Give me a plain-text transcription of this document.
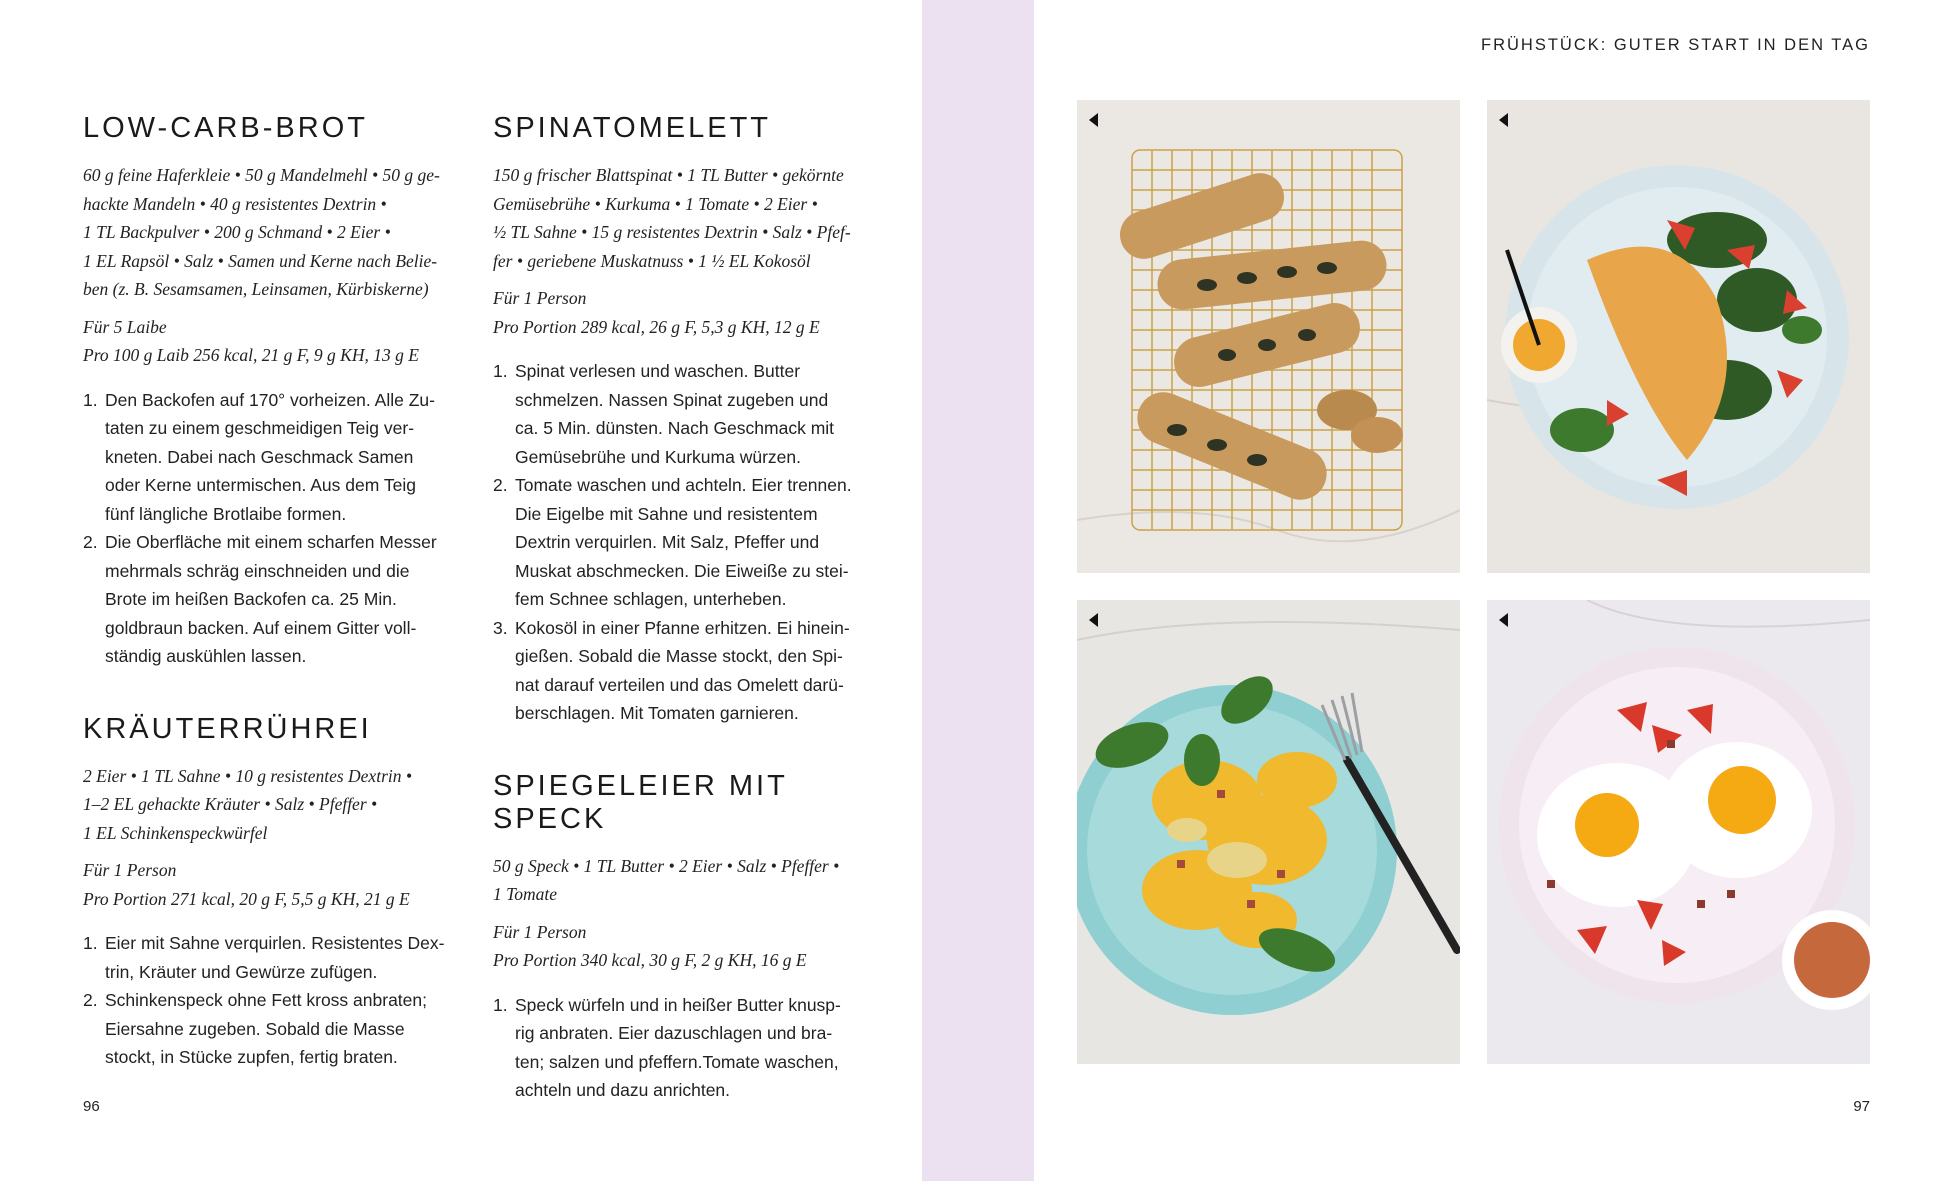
LOW-CARB-BROT
60 g feine Haferkleie • 50 g Mandelmehl • 50 g ge-
hackte Mandeln • 40 g resistentes Dextrin •
1 TL Backpulver • 200 g Schmand • 2 Eier •
1 EL Rapsöl • Salz • Samen und Kerne nach Belie-
ben (z. B. Sesamsamen, Leinsamen, Kürbiskerne)
Für 5 Laibe
Pro 100 g Laib 256 kcal, 21 g F, 9 g KH, 13 g E
1. Den Backofen auf 170° vorheizen. Alle Zu-
taten zu einem geschmeidigen Teig ver-
kneten. Dabei nach Geschmack Samen
oder Kerne untermischen. Aus dem Teig
fünf längliche Brotlaibe formen.
2. Die Oberfläche mit einem scharfen Messer
mehrmals schräg einschneiden und die
Brote im heißen Backofen ca. 25 Min.
goldbraun backen. Auf einem Gitter voll-
ständig auskühlen lassen.
KRÄUTERRÜHREI
2 Eier • 1 TL Sahne • 10 g resistentes Dextrin •
1–2 EL gehackte Kräuter • Salz • Pfeffer •
1 EL Schinkenspeckwürfel
Für 1 Person
Pro Portion 271 kcal, 20 g F, 5,5 g KH, 21 g E
1. Eier mit Sahne verquirlen. Resistentes Dex-
trin, Kräuter und Gewürze zufügen.
2. Schinkenspeck ohne Fett kross anbraten;
Eiersahne zugeben. Sobald die Masse
stockt, in Stücke zupfen, fertig braten.
SPINATOMELETT
150 g frischer Blattspinat • 1 TL Butter • gekörnte
Gemüsebrühe • Kurkuma • 1 Tomate • 2 Eier •
½ TL Sahne • 15 g resistentes Dextrin • Salz • Pfef-
fer • geriebene Muskatnuss • 1 ½ EL Kokosöl
Für 1 Person
Pro Portion 289 kcal, 26 g F, 5,3 g KH, 12 g E
1. Spinat verlesen und waschen. Butter
schmelzen. Nassen Spinat zugeben und
ca. 5 Min. dünsten. Nach Geschmack mit
Gemüsebrühe und Kurkuma würzen.
2. Tomate waschen und achteln. Eier trennen.
Die Eigelbe mit Sahne und resistentem
Dextrin verquirlen. Mit Salz, Pfeffer und
Muskat abschmecken. Die Eiweiße zu stei-
fem Schnee schlagen, unterheben.
3. Kokosöl in einer Pfanne erhitzen. Ei hinein-
gießen. Sobald die Masse stockt, den Spi-
nat darauf verteilen und das Omelett darü-
berschlagen. Mit Tomaten garnieren.
SPIEGELEIER MIT SPECK
50 g Speck • 1 TL Butter • 2 Eier • Salz • Pfeffer •
1 Tomate
Für 1 Person
Pro Portion 340 kcal, 30 g F, 2 g KH, 16 g E
1. Speck würfeln und in heißer Butter knusp-
rig anbraten. Eier dazuschlagen und bra-
ten; salzen und pfeffern.Tomate waschen,
achteln und dazu anrichten.
96	97
FRÜHSTÜCK: GUTER START IN DEN TAG
